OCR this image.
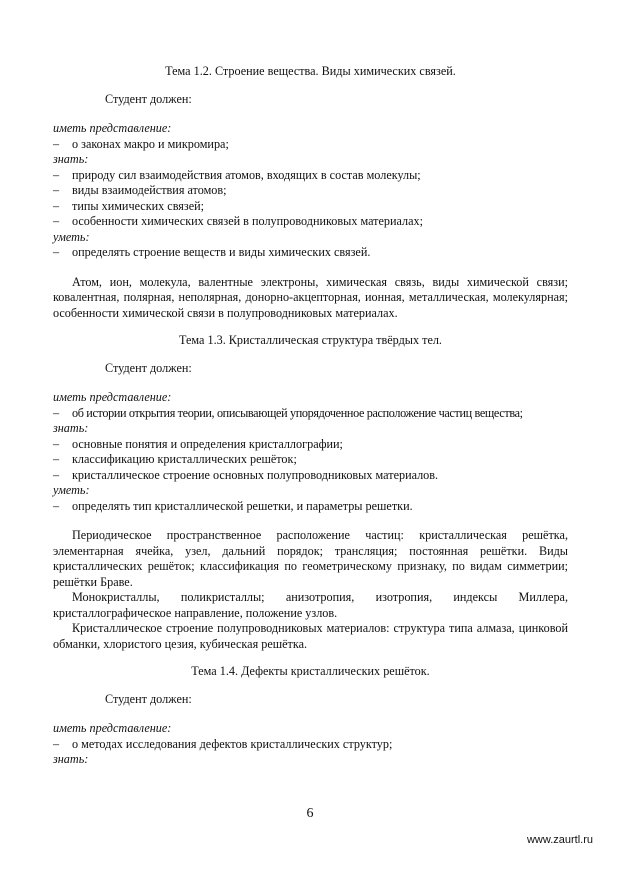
Тема 1.2. Строение вещества. Виды химических связей.

Студент должен:

иметь представление:
– о законах макро и микромира;
знать:
– природу сил взаимодействия атомов, входящих в состав молекулы;
– виды взаимодействия атомов;
– типы химических связей;
– особенности химических связей в полупроводниковых материалах;
уметь:
– определять строение веществ и виды химических связей.

Атом, ион, молекула, валентные электроны, химическая связь, виды химической связи; ковалентная, полярная, неполярная, донорно-акцепторная, ионная, металлическая, молекулярная; особенности химической связи в полупроводниковых материалах.

Тема 1.3. Кристаллическая структура твёрдых тел.

Студент должен:

иметь представление:
– об истории открытия теории, описывающей упорядоченное расположение частиц вещества;
знать:
– основные понятия и определения кристаллографии;
– классификацию кристаллических решёток;
– кристаллическое строение основных полупроводниковых материалов.
уметь:
– определять тип кристаллической решетки, и параметры решетки.

Периодическое пространственное расположение частиц: кристаллическая решётка, элементарная ячейка, узел, дальний порядок; трансляция; постоянная решётки. Виды кристаллических решёток; классификация по геометрическому признаку, по видам симметрии; решётки Браве.

Монокристаллы, поликристаллы; анизотропия, изотропия, индексы Миллера, кристаллографическое направление, положение узлов.

Кристаллическое строение полупроводниковых материалов: структура типа алмаза, цинковой обманки, хлористого цезия, кубическая решётка.

Тема 1.4. Дефекты кристаллических решёток.

Студент должен:

иметь представление:
– о методах исследования дефектов кристаллических структур;
знать:
6
www.zaurtl.ru
